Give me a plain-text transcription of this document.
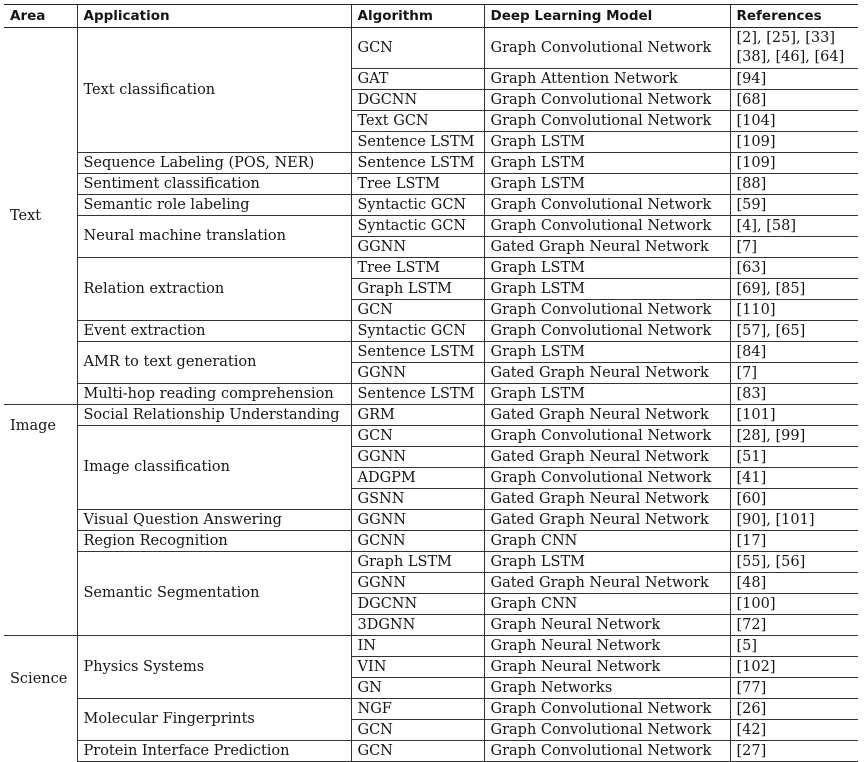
Area	Application	Algorithm	Deep Learning Model	References
Text	Text classification	GCN	Graph Convolutional Network	[2], [25], [33] [38], [46], [64]
		GAT	Graph Attention Network	[94]
		DGCNN	Graph Convolutional Network	[68]
		Text GCN	Graph Convolutional Network	[104]
		Sentence LSTM	Graph LSTM	[109]
	Sequence Labeling (POS, NER)	Sentence LSTM	Graph LSTM	[109]
	Sentiment classification	Tree LSTM	Graph LSTM	[88]
	Semantic role labeling	Syntactic GCN	Graph Convolutional Network	[59]
	Neural machine translation	Syntactic GCN	Graph Convolutional Network	[4], [58]
		GGNN	Gated Graph Neural Network	[7]
	Relation extraction	Tree LSTM	Graph LSTM	[63]
		Graph LSTM	Graph LSTM	[69], [85]
		GCN	Graph Convolutional Network	[110]
	Event extraction	Syntactic GCN	Graph Convolutional Network	[57], [65]
	AMR to text generation	Sentence LSTM	Graph LSTM	[84]
		GGNN	Gated Graph Neural Network	[7]
	Multi-hop reading comprehension	Sentence LSTM	Graph LSTM	[83]
Image	Social Relationship Understanding	GRM	Gated Graph Neural Network	[101]
	Image classification	GCN	Graph Convolutional Network	[28], [99]
		GGNN	Gated Graph Neural Network	[51]
		ADGPM	Graph Convolutional Network	[41]
		GSNN	Gated Graph Neural Network	[60]
	Visual Question Answering	GGNN	Gated Graph Neural Network	[90], [101]
	Region Recognition	GCNN	Graph CNN	[17]
	Semantic Segmentation	Graph LSTM	Graph LSTM	[55], [56]
		GGNN	Gated Graph Neural Network	[48]
		DGCNN	Graph CNN	[100]
		3DGNN	Graph Neural Network	[72]
Science	Physics Systems	IN	Graph Neural Network	[5]
		VIN	Graph Neural Network	[102]
		GN	Graph Networks	[77]
	Molecular Fingerprints	NGF	Graph Convolutional Network	[26]
		GCN	Graph Convolutional Network	[42]
	Protein Interface Prediction	GCN	Graph Convolutional Network	[27]
